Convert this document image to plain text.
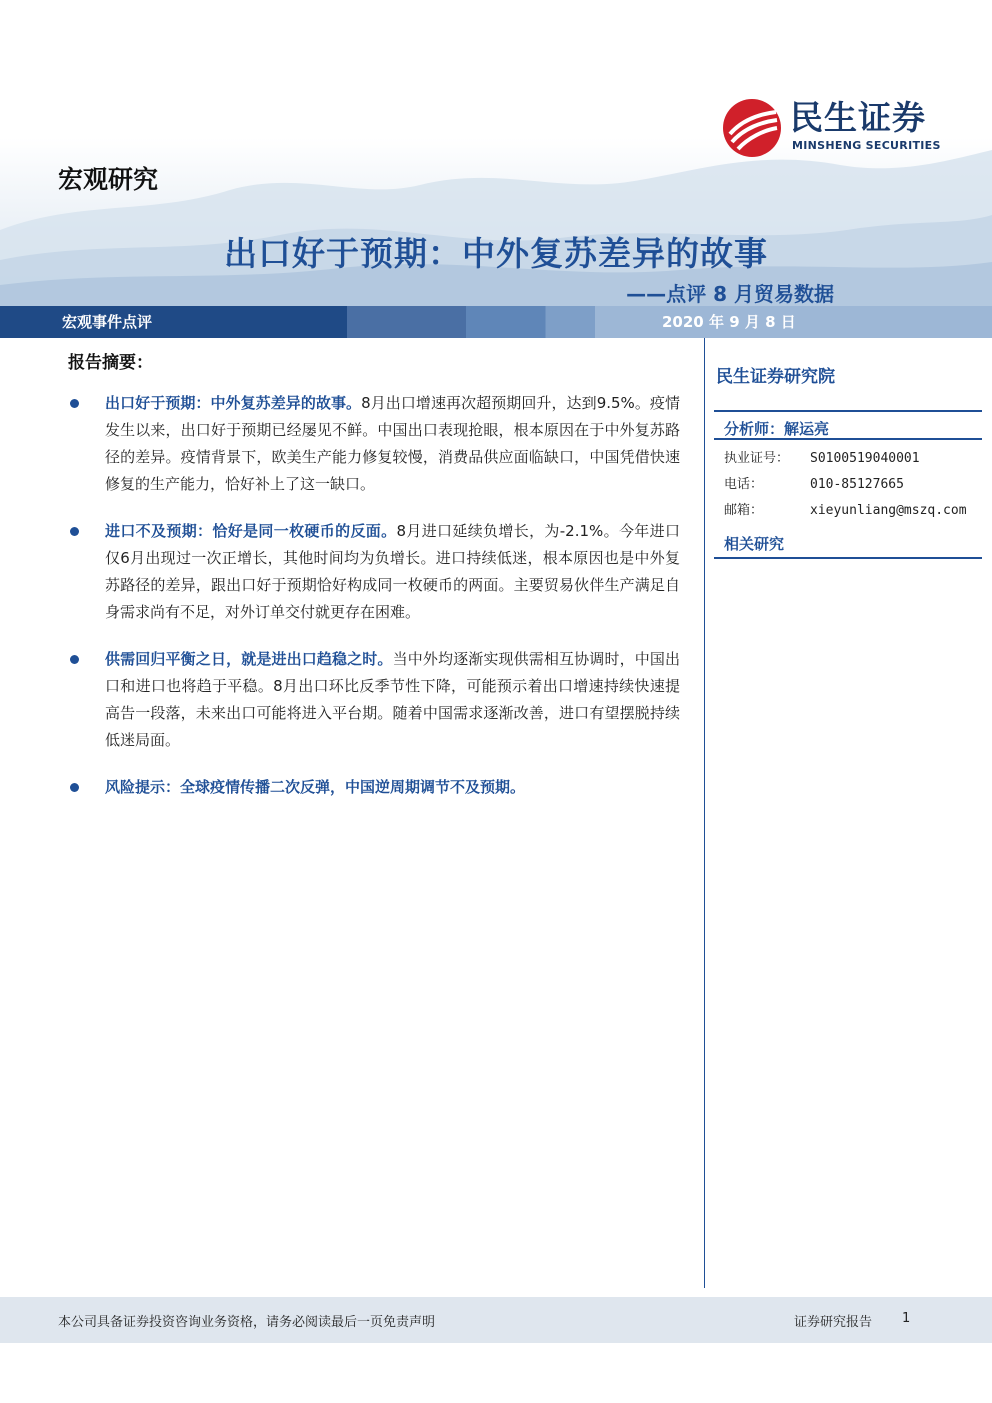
宏观研究
民生证券
MINSHENG SECURITIES
出口好于预期：中外复苏差异的故事
——点评 8 月贸易数据
宏观事件点评	2020 年 9 月 8 日
报告摘要：
出口好于预期：中外复苏差异的故事。8月出口增速再次超预期回升，达到9.5%。疫情发生以来，出口好于预期已经屡见不鲜。中国出口表现抢眼，根本原因在于中外复苏路径的差异。疫情背景下，欧美生产能力修复较慢，消费品供应面临缺口，中国凭借快速修复的生产能力，恰好补上了这一缺口。
进口不及预期：恰好是同一枚硬币的反面。8月进口延续负增长，为-2.1%。今年进口仅6月出现过一次正增长，其他时间均为负增长。进口持续低迷，根本原因也是中外复苏路径的差异，跟出口好于预期恰好构成同一枚硬币的两面。主要贸易伙伴生产满足自身需求尚有不足，对外订单交付就更存在困难。
供需回归平衡之日，就是进出口趋稳之时。当中外均逐渐实现供需相互协调时，中国出口和进口也将趋于平稳。8月出口环比反季节性下降，可能预示着出口增速持续快速提高告一段落，未来出口可能将进入平台期。随着中国需求逐渐改善，进口有望摆脱持续低迷局面。
风险提示：全球疫情传播二次反弹，中国逆周期调节不及预期。
民生证券研究院
分析师：解运亮
执业证号： S0100519040001
电话：	010-85127665
邮箱：	xieyunliang@mszq.com
相关研究
本公司具备证券投资咨询业务资格，请务必阅读最后一页免责声明	证券研究报告 1
